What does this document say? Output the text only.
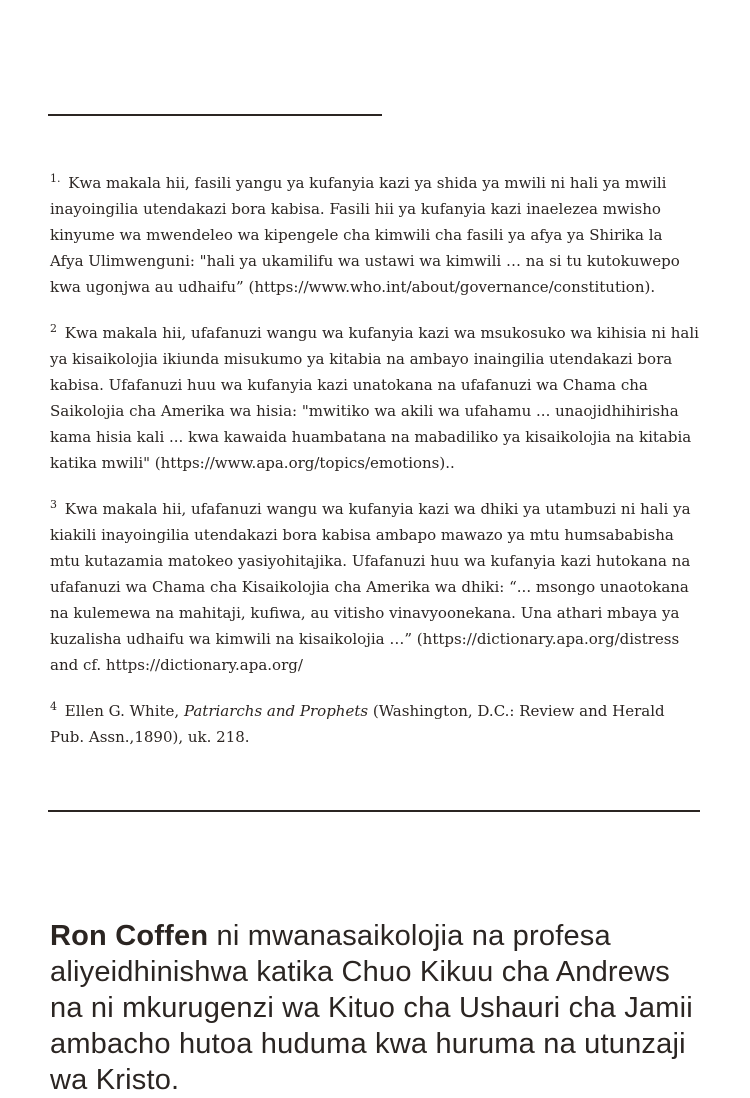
$^{1.}$ Kwa makala hii, fasili yangu ya kufanyia kazi ya shida ya mwili ni hali ya mwili inayoingilia utendakazi bora kabisa. Fasili hii ya kufanyia kazi inaelezea mwisho kinyume wa mwendeleo wa kipengele cha kimwili cha fasili ya afya ya Shirika la Afya Ulimwenguni: "hali ya ukamilifu wa ustawi wa kimwili … na si tu kutokuwepo kwa ugonjwa au udhaifu” (https://www.who.int/about/governance/constitution).

$^2$ Kwa makala hii, ufafanuzi wangu wa kufanyia kazi wa msukosuko wa kihisia ni hali ya kisaikolojia ikiunda misukumo ya kitabia na ambayo inaingilia utendakazi bora kabisa. Ufafanuzi huu wa kufanyia kazi unatokana na ufafanuzi wa Chama cha Saikolojia cha Amerika wa hisia: "mwitiko wa akili wa ufahamu ... unaojidhihirisha kama hisia kali ... kwa kawaida huambatana na mabadiliko ya kisaikolojia na kitabia katika mwili" (https://www.apa.org/topics/emotions)..

$^3$ Kwa makala hii, ufafanuzi wangu wa kufanyia kazi wa dhiki ya utambuzi ni hali ya kiakili inayoingilia utendakazi bora kabisa ambapo mawazo ya mtu humsababisha mtu kutazamia matokeo yasiyohitajika. Ufafanuzi huu wa kufanyia kazi hutokana na ufafanuzi wa Chama cha Kisaikolojia cha Amerika wa dhiki: “... msongo unaotokana na kulemewa na mahitaji, kufiwa, au vitisho vinavyoonekana. Una athari mbaya ya kuzalisha udhaifu wa kimwili na kisaikolojia …” (https://dictionary.apa.org/distress and cf. https://dictionary.apa.org/

$^4$ Ellen G. White, Patriarchs and Prophets (Washington, D.C.: Review and Herald Pub. Assn.,1890), uk. 218.

Ron Coffen ni mwanasaikolojia na profesa aliyeidhinishwa katika Chuo Kikuu cha Andrews na ni mkurugenzi wa Kituo cha Ushauri cha Jamii ambacho hutoa huduma kwa huruma na utunzaji wa Kristo.
